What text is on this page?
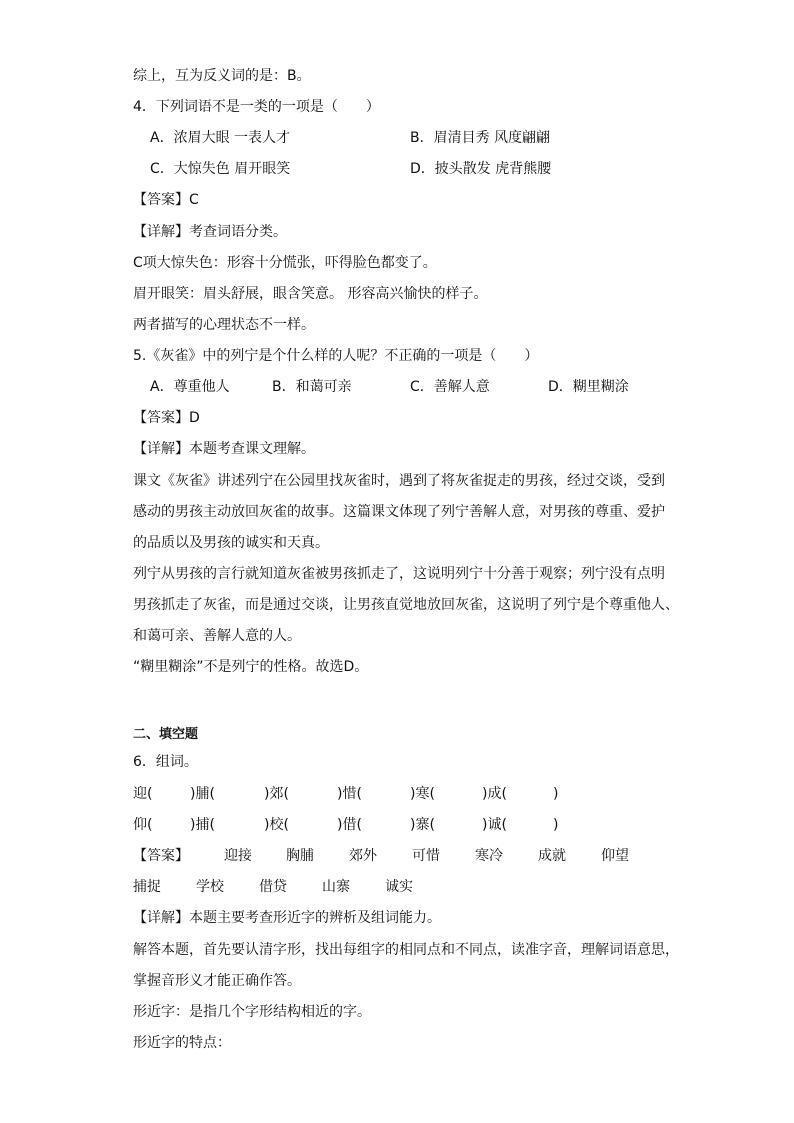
综上，互为反义词的是：B。
4．下列词语不是一类的一项是（　　）
A．浓眉大眼 一表人才	B．眉清目秀 风度翩翩
C．大惊失色 眉开眼笑	D．披头散发 虎背熊腰
【答案】C
【详解】考查词语分类。
C项大惊失色：形容十分慌张，吓得脸色都变了。
眉开眼笑：眉头舒展，眼含笑意。 形容高兴愉快的样子。
两者描写的心理状态不一样。
5.《灰雀》中的列宁是个什么样的人呢？不正确的一项是（　　）
A．尊重他人	B．和蔼可亲	C．善解人意	D．糊里糊涂
【答案】D
【详解】本题考查课文理解。
课文《灰雀》讲述列宁在公园里找灰雀时，遇到了将灰雀捉走的男孩，经过交谈，受到
感动的男孩主动放回灰雀的故事。这篇课文体现了列宁善解人意，对男孩的尊重、爱护
的品质以及男孩的诚实和天真。
列宁从男孩的言行就知道灰雀被男孩抓走了，这说明列宁十分善于观察；列宁没有点明
男孩抓走了灰雀，而是通过交谈，让男孩直觉地放回灰雀，这说明了列宁是个尊重他人、
和蔼可亲、善解人意的人。
“糊里糊涂”不是列宁的性格。故选D。
二、填空题
6．组词。
迎(	)脯(	)郊(	)惜(	)寒(	)成(	)
仰(	)捕(	)校(	)借(	)寨(	)诚(	)
【答案】	迎接 胸脯	郊外	可惜	寒冷	成就	仰望
捕捉	学校	借贷	山寨	诚实
【详解】本题主要考查形近字的辨析及组词能力。
解答本题，首先要认清字形，找出每组字的相同点和不同点，读准字音，理解词语意思，
掌握音形义才能正确作答。
形近字：是指几个字形结构相近的字。
形近字的特点：
